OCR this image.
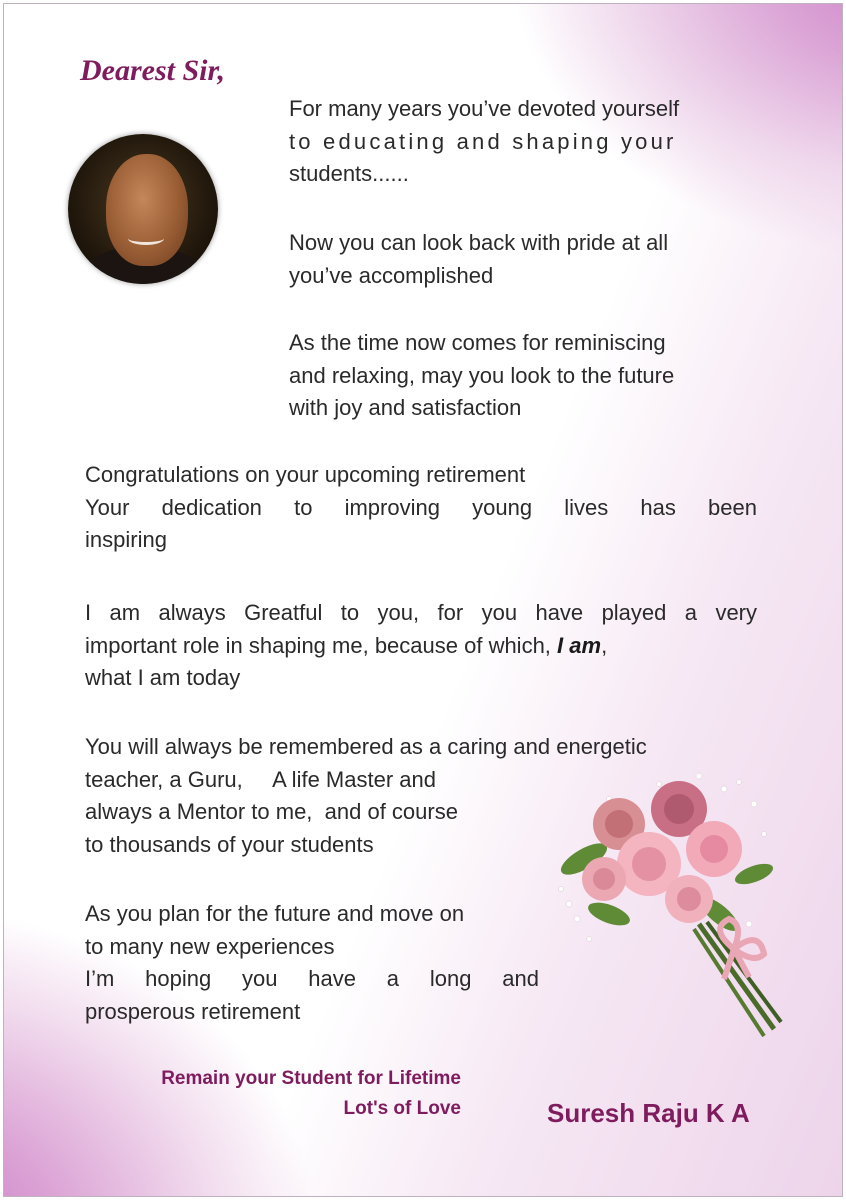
Dearest Sir,
For many years you’ve devoted yourself
to educating and shaping your
students......
Now you can look back with pride at all
you’ve accomplished
As the time now comes for reminiscing
and relaxing, may you look to the future
with joy and satisfaction
Congratulations on your upcoming retirement
Your dedication to improving young lives has been
inspiring
I am always Greatful to you, for you have played a very
important role in shaping me, because of which, I am,
what I am today
You will always be remembered as a caring and energetic
teacher, a Guru,     A life Master and
always a Mentor to me,  and of course
to thousands of your students
As you plan for the future and move on
to many new experiences
I’m hoping you have a long and
prosperous retirement
Remain your Student for Lifetime
Lot's of Love	Suresh Raju K A
